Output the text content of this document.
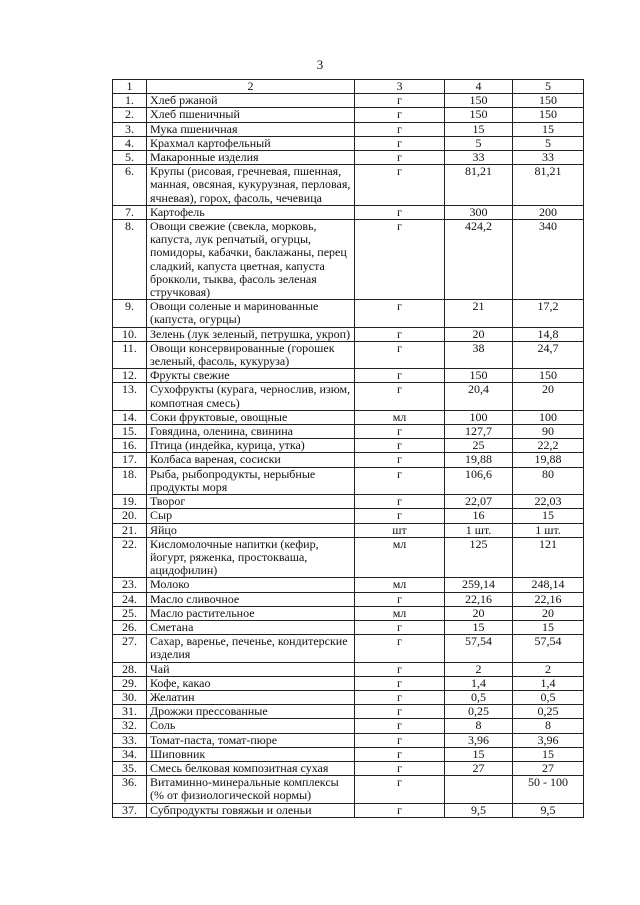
3
1	2	3	4	5
1.	Хлеб ржаной	г	150	150
2.	Хлеб пшеничный	г	150	150
3.	Мука пшеничная	г	15	15
4.	Крахмал картофельный	г	5	5
5.	Макаронные изделия	г	33	33
6.	Крупы (рисовая, гречневая, пшенная, манная, овсяная, кукурузная, перловая, ячневая), горох, фасоль, чечевица	г	81,21	81,21
7.	Картофель	г	300	200
8.	Овощи свежие (свекла, морковь, капуста, лук репчатый, огурцы, помидоры, кабачки, баклажаны, перец сладкий, капуста цветная, капуста брокколи, тыква, фасоль зеленая стручковая)	г	424,2	340
9.	Овощи соленые и маринованные (капуста, огурцы)	г	21	17,2
10.	Зелень (лук зеленый, петрушка, укроп)	г	20	14,8
11.	Овощи консервированные (горошек зеленый, фасоль, кукуруза)	г	38	24,7
12.	Фрукты свежие	г	150	150
13.	Сухофрукты (курага, чернослив, изюм, компотная смесь)	г	20,4	20
14.	Соки фруктовые, овощные	мл	100	100
15.	Говядина, оленина, свинина	г	127,7	90
16.	Птица (индейка, курица, утка)	г	25	22,2
17.	Колбаса вареная, сосиски	г	19,88	19,88
18.	Рыба, рыбопродукты, нерыбные продукты моря	г	106,6	80
19.	Творог	г	22,07	22,03
20.	Сыр	г	16	15
21.	Яйцо	шт	1 шт.	1 шт.
22.	Кисломолочные напитки (кефир, йогурт, ряженка, простокваша, ацидофилин)	мл	125	121
23.	Молоко	мл	259,14	248,14
24.	Масло сливочное	г	22,16	22,16
25.	Масло растительное	мл	20	20
26.	Сметана	г	15	15
27.	Сахар, варенье, печенье, кондитерские изделия	г	57,54	57,54
28.	Чай	г	2	2
29.	Кофе, какао	г	1,4	1,4
30.	Желатин	г	0,5	0,5
31.	Дрожжи прессованные	г	0,25	0,25
32.	Соль	г	8	8
33.	Томат-паста, томат-пюре	г	3,96	3,96
34.	Шиповник	г	15	15
35.	Смесь белковая композитная сухая	г	27	27
36.	Витаминно-минеральные комплексы (% от физиологической нормы)	г		50 - 100
37.	Субпродукты говяжьи и оленьи	г	9,5	9,5
